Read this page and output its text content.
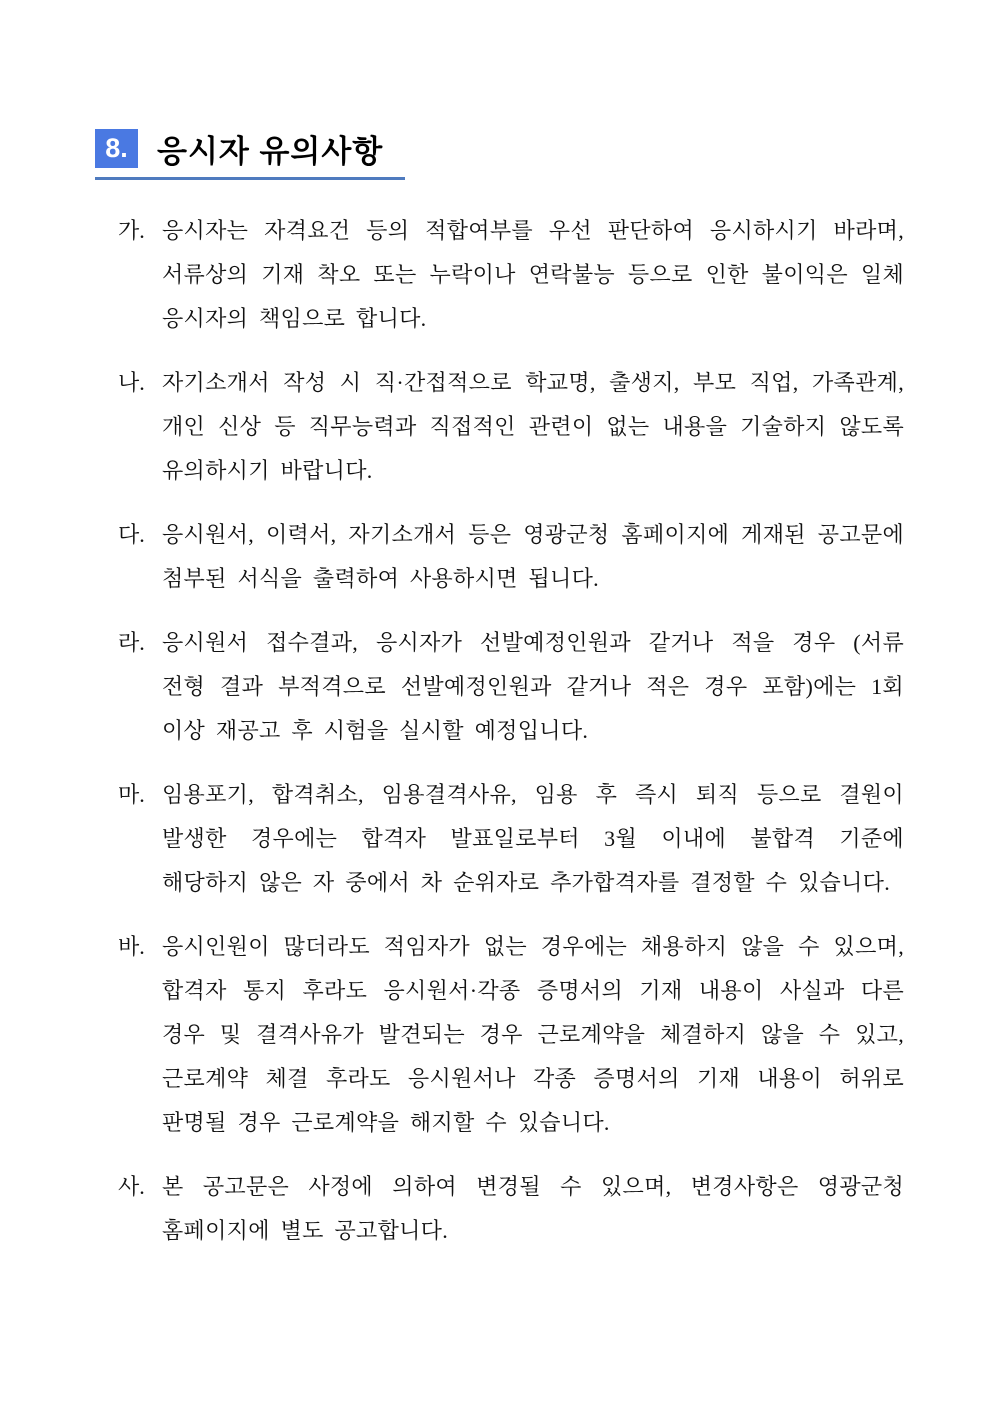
8. 응시자 유의사항
가. 응시자는 자격요건 등의 적합여부를 우선 판단하여 응시하시기 바라며, 서류상의 기재 착오 또는 누락이나 연락불능 등으로 인한 불이익은 일체 응시자의 책임으로 합니다.
나. 자기소개서 작성 시 직·간접적으로 학교명, 출생지, 부모 직업, 가족관계, 개인 신상 등 직무능력과 직접적인 관련이 없는 내용을 기술하지 않도록 유의하시기 바랍니다.
다. 응시원서, 이력서, 자기소개서 등은 영광군청 홈페이지에 게재된 공고문에 첨부된 서식을 출력하여 사용하시면 됩니다.
라. 응시원서 접수결과, 응시자가 선발예정인원과 같거나 적을 경우 (서류 전형 결과 부적격으로 선발예정인원과 같거나 적은 경우 포함)에는 1회 이상 재공고 후 시험을 실시할 예정입니다.
마. 임용포기, 합격취소, 임용결격사유, 임용 후 즉시 퇴직 등으로 결원이 발생한 경우에는 합격자 발표일로부터 3월 이내에 불합격 기준에 해당하지 않은 자 중에서 차 순위자로 추가합격자를 결정할 수 있습니다.
바. 응시인원이 많더라도 적임자가 없는 경우에는 채용하지 않을 수 있으며, 합격자 통지 후라도 응시원서·각종 증명서의 기재 내용이 사실과 다른 경우 및 결격사유가 발견되는 경우 근로계약을 체결하지 않을 수 있고, 근로계약 체결 후라도 응시원서나 각종 증명서의 기재 내용이 허위로 판명될 경우 근로계약을 해지할 수 있습니다.
사. 본 공고문은 사정에 의하여 변경될 수 있으며, 변경사항은 영광군청 홈페이지에 별도 공고합니다.
